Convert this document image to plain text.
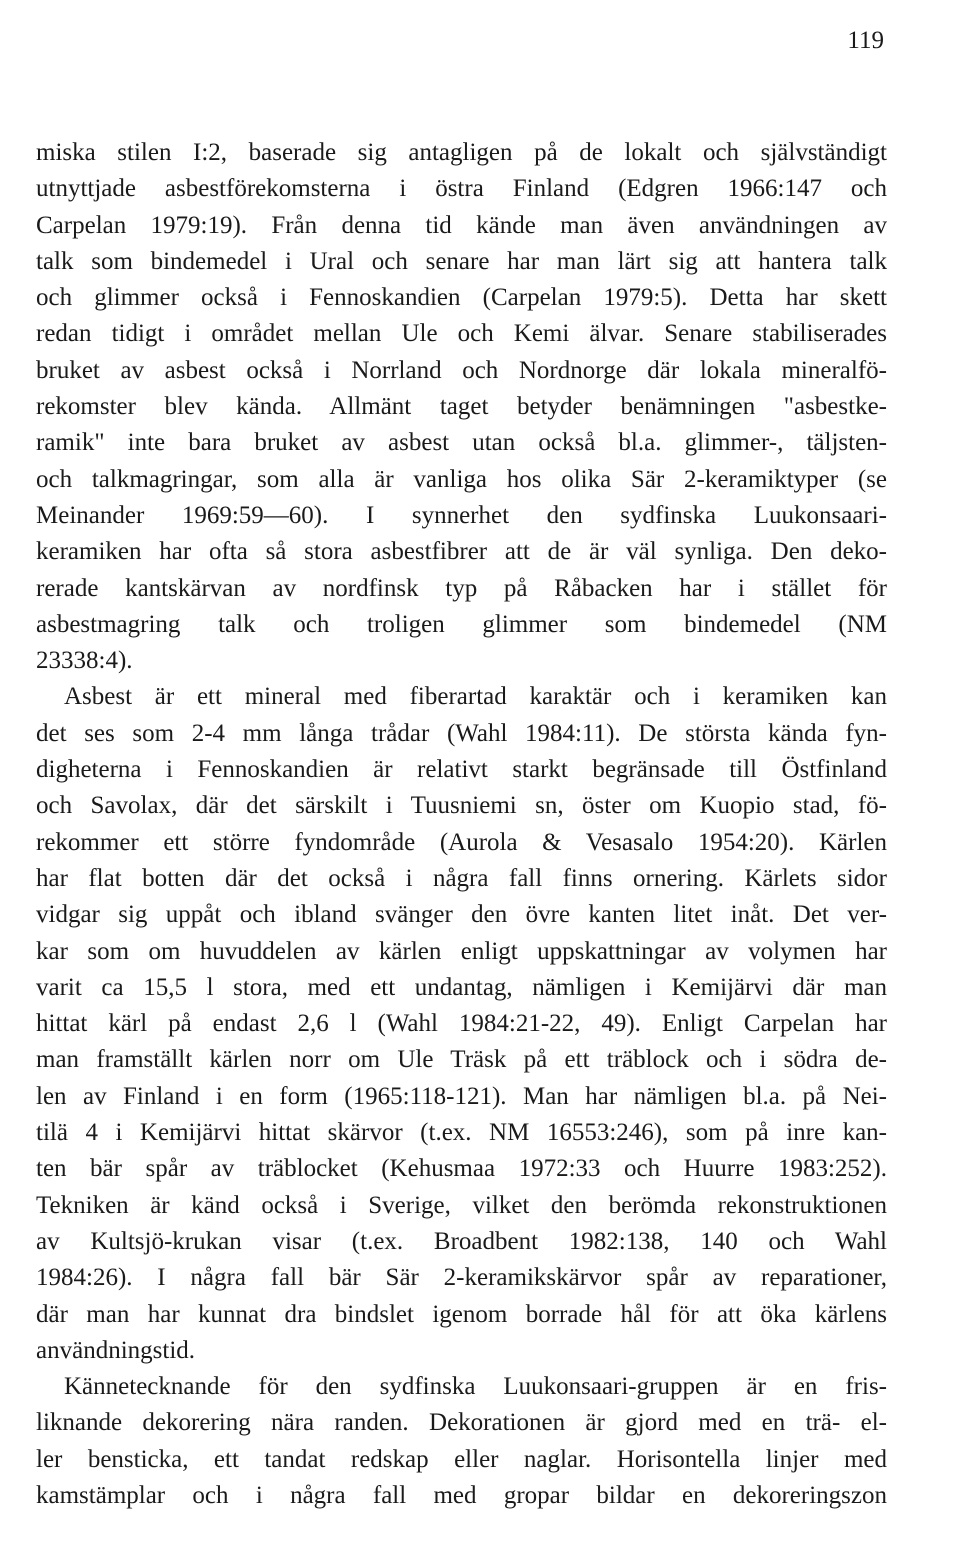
119
miska stilen I:2, baserade sig antagligen på de lokalt och självständigt
utnyttjade asbestförekomsterna i östra Finland (Edgren 1966:147 och
Carpelan 1979:19). Från denna tid kände man även användningen av
talk som bindemedel i Ural och senare har man lärt sig att hantera talk
och glimmer också i Fennoskandien (Carpelan 1979:5). Detta har skett
redan tidigt i området mellan Ule och Kemi älvar. Senare stabiliserades
bruket av asbest också i Norrland och Nordnorge där lokala mineralfö-
rekomster blev kända. Allmänt taget betyder benämningen "asbestke-
ramik" inte bara bruket av asbest utan också bl.a. glimmer-, täljsten-
och talkmagringar, som alla är vanliga hos olika Sär 2-keramiktyper (se
Meinander 1969:59—60). I synnerhet den sydfinska Luukonsaari-
keramiken har ofta så stora asbestfibrer att de är väl synliga. Den deko-
rerade kantskärvan av nordfinsk typ på Råbacken har i stället för
asbestmagring talk och troligen glimmer som bindemedel (NM
23338:4).
Asbest är ett mineral med fiberartad karaktär och i keramiken kan
det ses som 2-4 mm långa trådar (Wahl 1984:11). De största kända fyn-
digheterna i Fennoskandien är relativt starkt begränsade till Östfinland
och Savolax, där det särskilt i Tuusniemi sn, öster om Kuopio stad, fö-
rekommer ett större fyndområde (Aurola & Vesasalo 1954:20). Kärlen
har flat botten där det också i några fall finns ornering. Kärlets sidor
vidgar sig uppåt och ibland svänger den övre kanten litet inåt. Det ver-
kar som om huvuddelen av kärlen enligt uppskattningar av volymen har
varit ca 15,5 l stora, med ett undantag, nämligen i Kemijärvi där man
hittat kärl på endast 2,6 l (Wahl 1984:21-22, 49). Enligt Carpelan har
man framställt kärlen norr om Ule Träsk på ett träblock och i södra de-
len av Finland i en form (1965:118-121). Man har nämligen bl.a. på Nei-
tilä 4 i Kemijärvi hittat skärvor (t.ex. NM 16553:246), som på inre kan-
ten bär spår av träblocket (Kehusmaa 1972:33 och Huurre 1983:252).
Tekniken är känd också i Sverige, vilket den berömda rekonstruktionen
av Kultsjö-krukan visar (t.ex. Broadbent 1982:138, 140 och Wahl
1984:26). I några fall bär Sär 2-keramikskärvor spår av reparationer,
där man har kunnat dra bindslet igenom borrade hål för att öka kärlens
användningstid.
Kännetecknande för den sydfinska Luukonsaari-gruppen är en fris-
liknande dekorering nära randen. Dekorationen är gjord med en trä- el-
ler bensticka, ett tandat redskap eller naglar. Horisontella linjer med
kamstämplar och i några fall med gropar bildar en dekoreringszon
